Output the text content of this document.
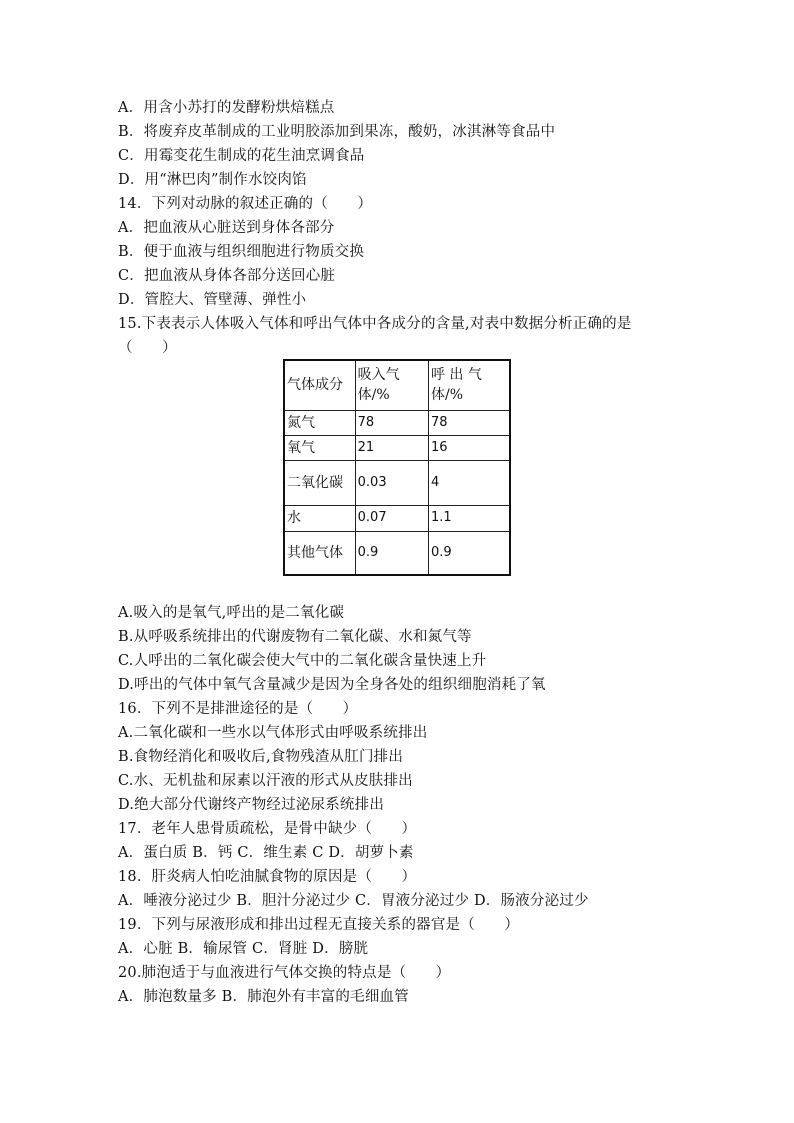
A．用含小苏打的发酵粉烘焙糕点
B．将废弃皮革制成的工业明胶添加到果冻，酸奶，冰淇淋等食品中
C．用霉变花生制成的花生油烹调食品
D．用“淋巴肉”制作水饺肉馅
14．下列对动脉的叙述正确的（　　）
A．把血液从心脏送到身体各部分
B．便于血液与组织细胞进行物质交换
C．把血液从身体各部分送回心脏
D．管腔大、管壁薄、弹性小
15.下表表示人体吸入气体和呼出气体中各成分的含量,对表中数据分析正确的是
（　　）
气体成分	吸入气体/%	呼 出 气 体/%
氮气	78	78
氧气	21	16
二氧化碳	0.03	4
水	0.07	1.1
其他气体	0.9	0.9
A.吸入的是氧气,呼出的是二氧化碳
B.从呼吸系统排出的代谢废物有二氧化碳、水和氮气等
C.人呼出的二氧化碳会使大气中的二氧化碳含量快速上升
D.呼出的气体中氧气含量减少是因为全身各处的组织细胞消耗了氧
16．下列不是排泄途径的是（　　）
A.二氧化碳和一些水以气体形式由呼吸系统排出
B.食物经消化和吸收后,食物残渣从肛门排出
C.水、无机盐和尿素以汗液的形式从皮肤排出
D.绝大部分代谢终产物经过泌尿系统排出
17．老年人患骨质疏松，是骨中缺少（　　）
A．蛋白质 B．钙 C．维生素 C D．胡萝卜素
18．肝炎病人怕吃油腻食物的原因是（　　）
A．唾液分泌过少 B．胆汁分泌过少 C．胃液分泌过少 D．肠液分泌过少
19．下列与尿液形成和排出过程无直接关系的器官是（　　）
A．心脏 B．输尿管 C．肾脏 D．膀胱
20.肺泡适于与血液进行气体交换的特点是（　　）
A．肺泡数量多 B．肺泡外有丰富的毛细血管
